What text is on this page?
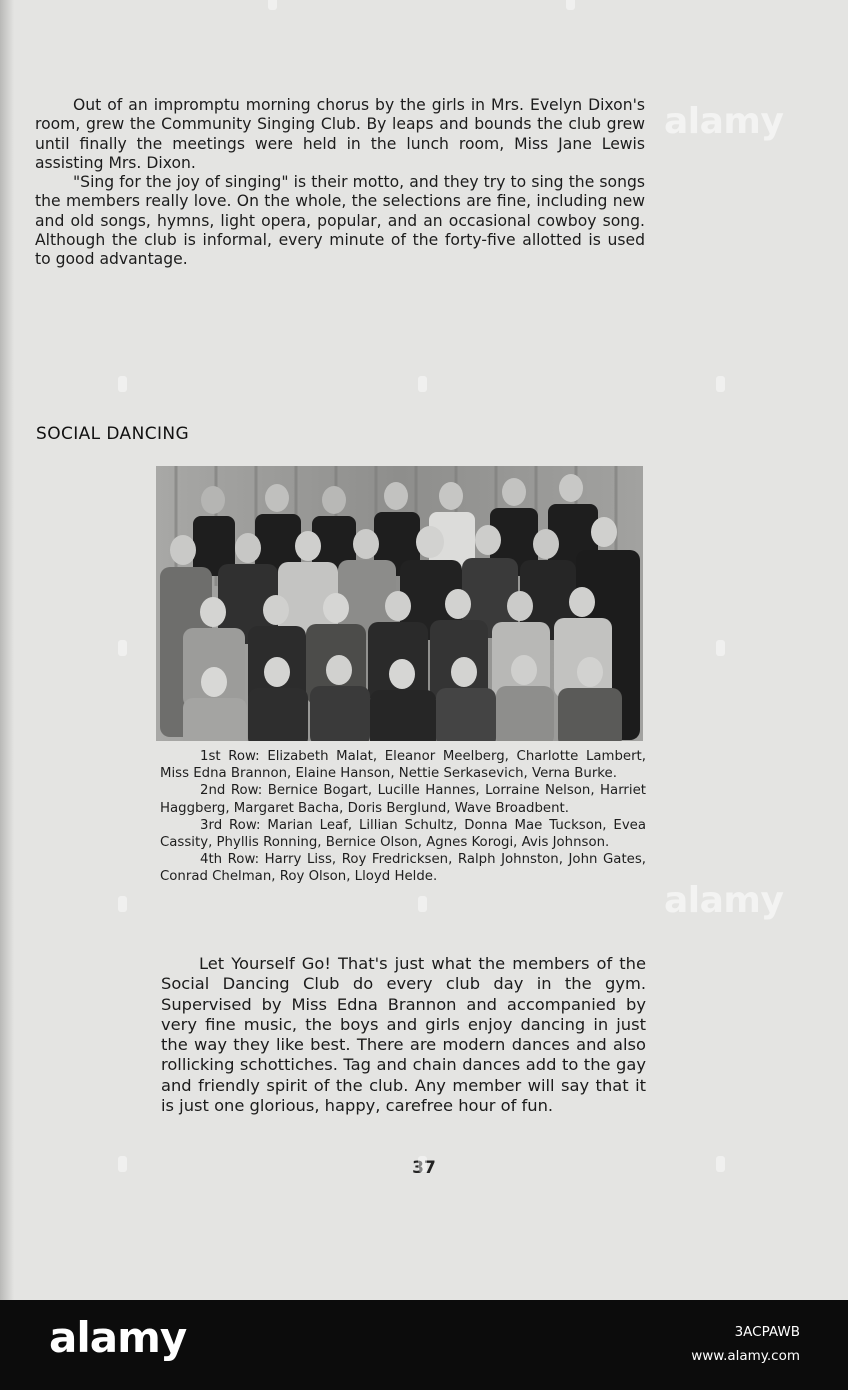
Out of an impromptu morning chorus by the girls in Mrs. Evelyn Dixon's room, grew the Community Singing Club. By leaps and bounds the club grew until finally the meetings were held in the lunch room, Miss Jane Lewis assisting Mrs. Dixon.

"Sing for the joy of singing" is their motto, and they try to sing the songs the members really love. On the whole, the selections are fine, including new and old songs, hymns, light opera, popular, and an occasional cowboy song. Although the club is informal, every minute of the forty-five allotted is used to good advantage.

SOCIAL DANCING

1st Row: Elizabeth Malat, Eleanor Meelberg, Charlotte Lambert, Miss Edna Brannon, Elaine Hanson, Nettie Serkasevich, Verna Burke.

2nd Row: Bernice Bogart, Lucille Hannes, Lorraine Nelson, Harriet Haggberg, Margaret Bacha, Doris Berglund, Wave Broadbent.

3rd Row: Marian Leaf, Lillian Schultz, Donna Mae Tuckson, Evea Cassity, Phyllis Ronning, Bernice Olson, Agnes Korogi, Avis Johnson.

4th Row: Harry Liss, Roy Fredricksen, Ralph Johnston, John Gates, Conrad Chelman, Roy Olson, Lloyd Helde.

Let Yourself Go! That's just what the members of the Social Dancing Club do every club day in the gym. Supervised by Miss Edna Brannon and accompanied by very fine music, the boys and girls enjoy dancing in just the way they like best. There are modern dances and also rollicking schottiches. Tag and chain dances add to the gay and friendly spirit of the club. Any member will say that it is just one glorious, happy, carefree hour of fun.

37
alamy
alamy
alamy	3ACPAWB
www.alamy.com
